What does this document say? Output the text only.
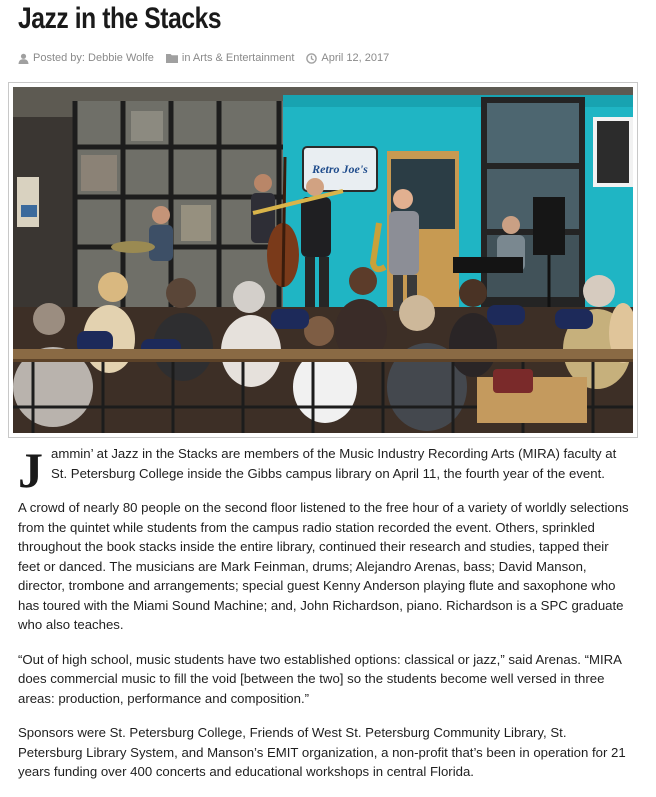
Jazz in the Stacks
Posted by: Debbie Wolfe	in Arts & Entertainment April 12, 2017
Retro Joe's

Jammin’ at Jazz in the Stacks are members of the Music Industry Recording Arts (MIRA) faculty at St. Petersburg College inside the Gibbs campus library on April 11, the fourth year of the event.

A crowd of nearly 80 people on the second floor listened to the free hour of a variety of worldly selections from the quintet while students from the campus radio station recorded the event. Others, sprinkled throughout the book stacks inside the entire library, continued their research and studies, tapped their feet or danced. The musicians are Mark Feinman, drums; Alejandro Arenas, bass; David Manson, director, trombone and arrangements; special guest Kenny Anderson playing flute and saxophone who has toured with the Miami Sound Machine; and, John Richardson, piano. Richardson is a SPC graduate who also teaches.

“Out of high school, music students have two established options: classical or jazz,” said Arenas. “MIRA does commercial music to fill the void [between the two] so the students become well versed in three areas: production, performance and composition.”

Sponsors were St. Petersburg College, Friends of West St. Petersburg Community Library, St. Petersburg Library System, and Manson’s EMIT organization, a non-profit that’s been in operation for 21 years funding over 400 concerts and educational workshops in central Florida.
